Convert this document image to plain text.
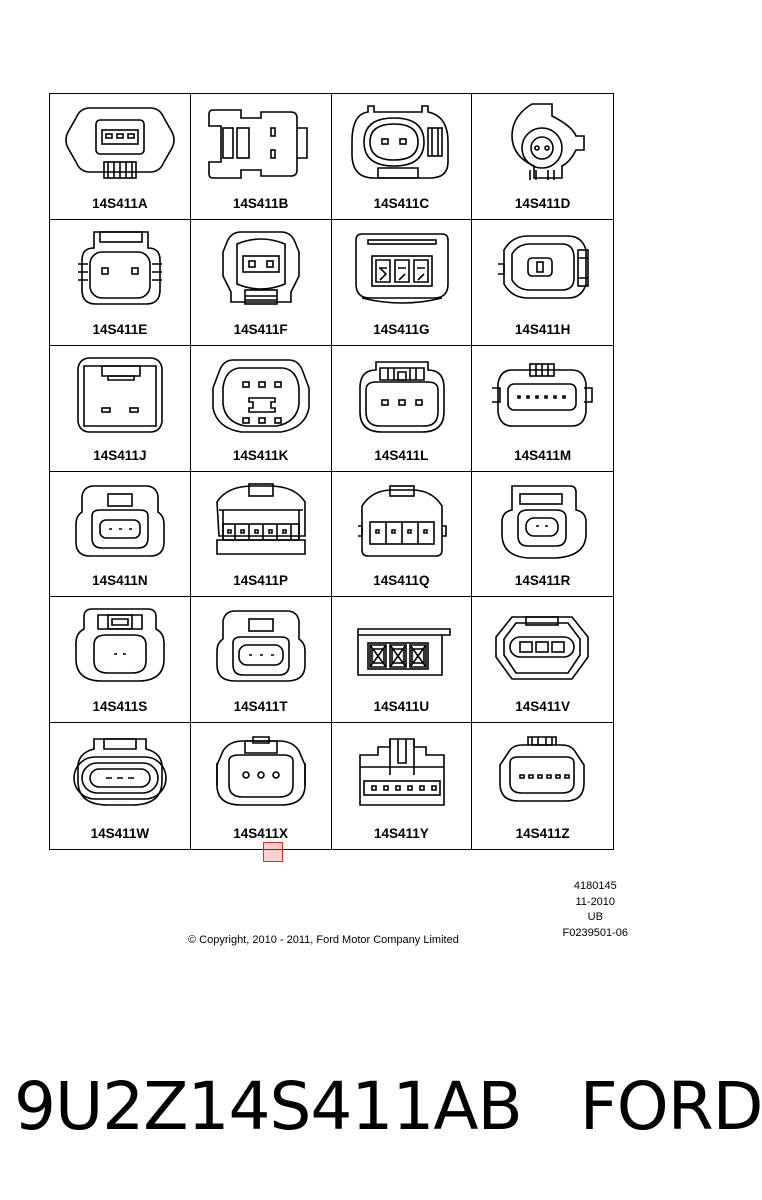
14S411A	14S411B	14S411C	14S411D
14S411E	14S411F	14S411G	14S411H
14S411J	14S411K	14S411L	14S411M
14S411N	14S411P	14S411Q	14S411R
14S411S	14S411T	14S411U	14S411V
14S411W	14S411X	14S411Y	14S411Z
4180145
11-2010
UB
F0239501-06
© Copyright, 2010 - 2011, Ford Motor Company Limited
9U2Z14S411AB FORD
